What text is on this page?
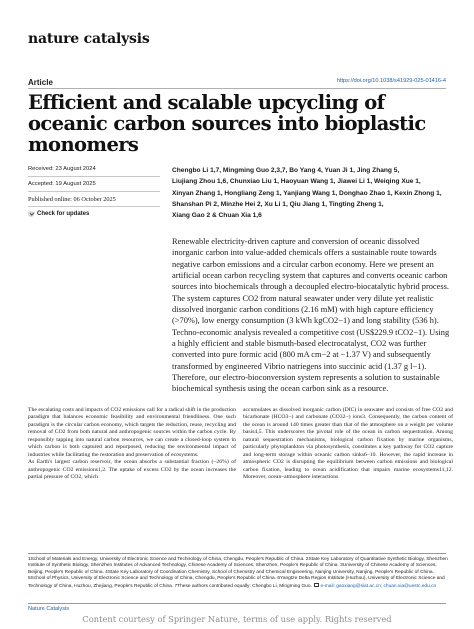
nature catalysis
Article	https://doi.org/10.1038/s41929-025-01416-4
Efficient and scalable upcycling of oceanic carbon sources into bioplastic monomers
Received: 23 August 2024
Accepted: 19 August 2025
Published online: 06 October 2025
Check for updates
Chengbo Li 1,7, Mingming Guo 2,3,7, Bo Yang 4, Yuan Ji 1, Jing Zhang 5,
Liujiang Zhou 1,6, Chunxiao Liu 1, Haoyuan Wang 1, Jiawei Li 1, Weiqing Xue 1,
Xinyan Zhang 1, Hongliang Zeng 1, Yanjiang Wang 1, Donghao Zhao 1, Kexin Zhong 1,
Shanshan Pi 2, Minzhe Hei 2, Xu Li 1, Qiu Jiang 1, Tingting Zheng 1,
Xiang Gao 2 & Chuan Xia 1,6
Renewable electricity-driven capture and conversion of oceanic dissolved inorganic carbon into value-added chemicals offers a sustainable route towards negative carbon emissions and a circular carbon economy. Here we present an artificial ocean carbon recycling system that captures and converts oceanic carbon sources into biochemicals through a decoupled electro-biocatalytic hybrid process. The system captures CO2 from natural seawater under very dilute yet realistic dissolved inorganic carbon conditions (2.16 mM) with high capture efficiency (>70%), low energy consumption (3 kWh kgCO2−1) and long stability (536 h). Techno-economic analysis revealed a competitive cost (US$229.9 tCO2−1). Using a highly efficient and stable bismuth-based electrocatalyst, CO2 was further converted into pure formic acid (800 mA cm−2 at −1.37 V) and subsequently transformed by engineered Vibrio natriegens into succinic acid (1.37 g l−1). Therefore, our electro-bioconversion system represents a solution to sustainable biochemical synthesis using the ocean carbon sink as a resource.
The escalating costs and impacts of CO2 emissions call for a radical shift in the production paradigm that balances economic feasibility and environmental friendliness. One such paradigm is the circular carbon economy, which targets the reduction, reuse, recycling and removal of CO2 from both natural and anthropogenic sources within the carbon cycle. By responsibly tapping into natural carbon resources, we can create a closed-loop system in which carbon is both captured and repurposed, reducing the environmental impact of industries while facilitating the restoration and preservation of ecosystems.
As Earth's largest carbon reservoir, the ocean absorbs a substantial fraction (~26%) of anthropogenic CO2 emissions1,2. The uptake of excess CO2 by the ocean increases the partial pressure of CO2, which
accumulates as dissolved inorganic carbon (DIC) in seawater and consists of free CO2 and bicarbonate (HCO3−) and carbonate (CO32−) ions3. Consequently, the carbon content of the ocean is around 140 times greater than that of the atmosphere on a weight per volume basis4,5. This underscores the pivotal role of the ocean in carbon sequestration. Among natural sequestration mechanisms, biological carbon fixation by marine organisms, particularly phytoplankton via photosynthesis, constitutes a key pathway for CO2 capture and long-term storage within oceanic carbon sinks6–10. However, the rapid increase in atmospheric CO2 is disrupting the equilibrium between carbon emissions and biological carbon fixation, leading to ocean acidification that impairs marine ecosystems11,12. Moreover, ocean–atmosphere interactions
1School of Materials and Energy, University of Electronic Science and Technology of China, Chengdu, People's Republic of China. 2State Key Laboratory of Quantitative Synthetic Biology, Shenzhen Institute of Synthetic Biology, Shenzhen Institutes of Advanced Technology, Chinese Academy of Sciences, Shenzhen, People's Republic of China. 3University of Chinese Academy of Sciences, Beijing, People's Republic of China. 4State Key Laboratory of Coordination Chemistry, School of Chemistry and Chemical Engineering, Nanjing University, Nanjing, People's Republic of China. 5School of Physics, University of Electronic Science and Technology of China, Chengdu, People's Republic of China. 6Yangtze Delta Region Institute (Huzhou), University of Electronic Science and Technology of China, Huzhou, Zhejiang, People's Republic of China. 7These authors contributed equally: Chengbo Li, Mingming Guo. e-mail: gaoxiang@siat.ac.cn; chuan.xia@uestc.edu.cn
Nature Catalysis
Content courtesy of Springer Nature, terms of use apply. Rights reserved
